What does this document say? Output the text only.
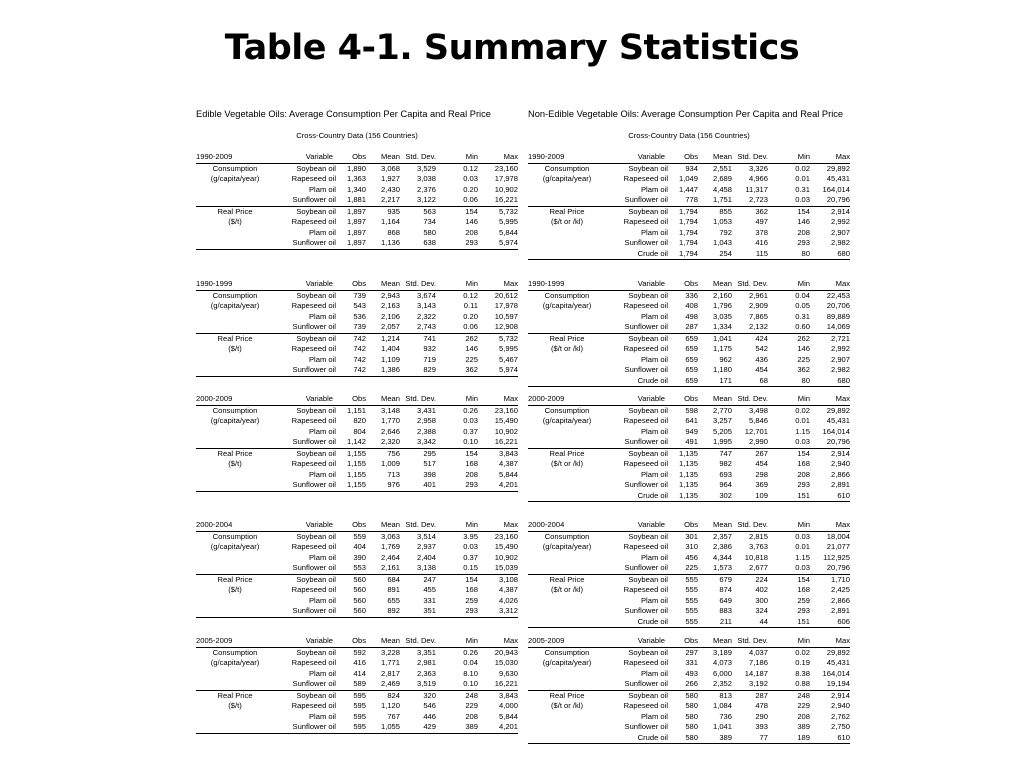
Table 4-1. Summary Statistics
Edible Vegetable Oils: Average Consumption Per Capita and Real Price
Cross-Country Data (156 Countries)
1990-2009	Variable	Obs	Mean	Std. Dev.	Min	Max
Consumption	Soybean oil	1,890	3,068	3,529	0.12	23,160
(g/capita/year)	Rapeseed oil	1,363	1,927	3,038	0.03	17,978
	Plam oil	1,340	2,430	2,376	0.20	10,902
	Sunflower oil	1,881	2,217	3,122	0.06	16,221
Real Price	Soybean oil	1,897	935	563	154	5,732
($/t)	Rapeseed oil	1,897	1,164	734	146	5,995
	Plam oil	1,897	868	580	208	5,844
	Sunflower oil	1,897	1,136	638	293	5,974
1990-1999	Variable	Obs	Mean	Std. Dev.	Min	Max
Consumption	Soybean oil	739	2,943	3,674	0.12	20,612
(g/capita/year)	Rapeseed oil	543	2,163	3,143	0.11	17,978
	Plam oil	536	2,106	2,322	0.20	10,597
	Sunflower oil	739	2,057	2,743	0.06	12,908
Real Price	Soybean oil	742	1,214	741	262	5,732
($/t)	Rapeseed oil	742	1,404	932	146	5,995
	Plam oil	742	1,109	719	225	5,467
	Sunflower oil	742	1,386	829	362	5,974
2000-2009	Variable	Obs	Mean	Std. Dev.	Min	Max
Consumption	Soybean oil	1,151	3,148	3,431	0.26	23,160
(g/capita/year)	Rapeseed oil	820	1,770	2,958	0.03	15,490
	Plam oil	804	2,646	2,388	0.37	10,902
	Sunflower oil	1,142	2,320	3,342	0.10	16,221
Real Price	Soybean oil	1,155	756	295	154	3,843
($/t)	Rapeseed oil	1,155	1,009	517	168	4,387
	Plam oil	1,155	713	398	208	5,844
	Sunflower oil	1,155	976	401	293	4,201
2000-2004	Variable	Obs	Mean	Std. Dev.	Min	Max
Consumption	Soybean oil	559	3,063	3,514	3.95	23,160
(g/capita/year)	Rapeseed oil	404	1,769	2,937	0.03	15,490
	Plam oil	390	2,464	2,404	0.37	10,902
	Sunflower oil	553	2,161	3,138	0.15	15,039
Real Price	Soybean oil	560	684	247	154	3,108
($/t)	Rapeseed oil	560	891	455	168	4,387
	Plam oil	560	655	331	259	4,026
	Sunflower oil	560	892	351	293	3,312
2005-2009	Variable	Obs	Mean	Std. Dev.	Min	Max
Consumption	Soybean oil	592	3,228	3,351	0.26	20,943
(g/capita/year)	Rapeseed oil	416	1,771	2,981	0.04	15,030
	Plam oil	414	2,817	2,363	8.10	9,630
	Sunflower oil	589	2,469	3,519	0.10	16,221
Real Price	Soybean oil	595	824	320	248	3,843
($/t)	Rapeseed oil	595	1,120	546	229	4,000
	Plam oil	595	767	446	208	5,844
	Sunflower oil	595	1,055	429	389	4,201
Non-Edible Vegetable Oils: Average Consumption Per Capita and Real Price
Cross-Country Data (156 Countries)
1990-2009	Variable	Obs	Mean	Std. Dev.	Min	Max
Consumption	Soybean oil	934	2,551	3,326	0.02	29,892
(g/capita/year)	Rapeseed oil	1,049	2,689	4,966	0.01	45,431
	Plam oil	1,447	4,458	11,317	0.31	164,014
	Sunflower oil	778	1,751	2,723	0.03	20,796
Real Price	Soybean oil	1,794	855	362	154	2,914
($/t or /kl)	Rapeseed oil	1,794	1,053	497	146	2,992
	Plam oil	1,794	792	378	208	2,907
	Sunflower oil	1,794	1,043	416	293	2,982
	Crude oil	1,794	254	115	80	680
1990-1999	Variable	Obs	Mean	Std. Dev.	Min	Max
Consumption	Soybean oil	336	2,160	2,961	0.04	22,453
(g/capita/year)	Rapeseed oil	408	1,796	2,909	0.05	20,706
	Plam oil	498	3,035	7,865	0.31	89,889
	Sunflower oil	287	1,334	2,132	0.60	14,069
Real Price	Soybean oil	659	1,041	424	262	2,721
($/t or /kl)	Rapeseed oil	659	1,175	542	146	2,992
	Plam oil	659	962	436	225	2,907
	Sunflower oil	659	1,180	454	362	2,982
	Crude oil	659	171	68	80	680
2000-2009	Variable	Obs	Mean	Std. Dev.	Min	Max
Consumption	Soybean oil	598	2,770	3,498	0.02	29,892
(g/capita/year)	Rapeseed oil	641	3,257	5,846	0.01	45,431
	Plam oil	949	5,205	12,701	1.15	164,014
	Sunflower oil	491	1,995	2,990	0.03	20,796
Real Price	Soybean oil	1,135	747	267	154	2,914
($/t or /kl)	Rapeseed oil	1,135	982	454	168	2,940
	Plam oil	1,135	693	298	208	2,866
	Sunflower oil	1,135	964	369	293	2,891
	Crude oil	1,135	302	109	151	610
2000-2004	Variable	Obs	Mean	Std. Dev.	Min	Max
Consumption	Soybean oil	301	2,357	2,815	0.03	18,004
(g/capita/year)	Rapeseed oil	310	2,386	3,763	0.01	21,077
	Plam oil	456	4,344	10,818	1.15	112,925
	Sunflower oil	225	1,573	2,677	0.03	20,796
Real Price	Soybean oil	555	679	224	154	1,710
($/t or /kl)	Rapeseed oil	555	874	402	168	2,425
	Plam oil	555	649	300	259	2,866
	Sunflower oil	555	883	324	293	2,891
	Crude oil	555	211	44	151	606
2005-2009	Variable	Obs	Mean	Std. Dev.	Min	Max
Consumption	Soybean oil	297	3,189	4,037	0.02	29,892
(g/capita/year)	Rapeseed oil	331	4,073	7,186	0.19	45,431
	Plam oil	493	6,000	14,187	8.38	164,014
	Sunflower oil	266	2,352	3,192	0.88	19,194
Real Price	Soybean oil	580	813	287	248	2,914
($/t or /kl)	Rapeseed oil	580	1,084	478	229	2,940
	Plam oil	580	736	290	208	2,762
	Sunflower oil	580	1,041	393	389	2,750
	Crude oil	580	389	77	189	610
